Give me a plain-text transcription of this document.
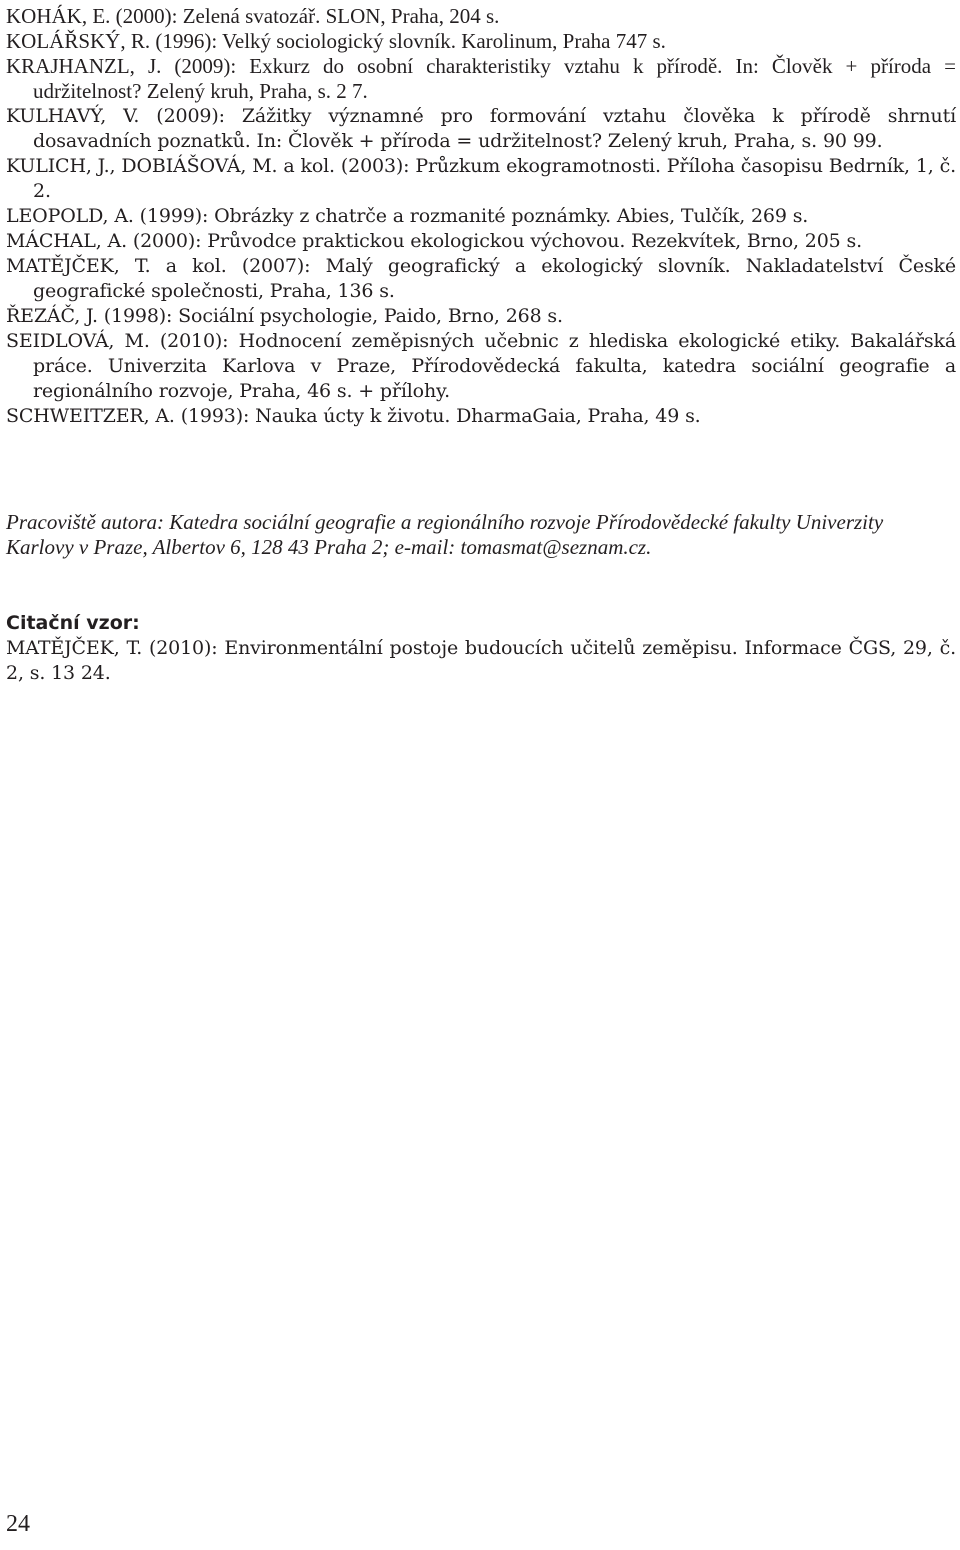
KOHÁK, E. (2000): Zelená svatozář. SLON, Praha, 204 s.
KOLÁŘSKÝ, R. (1996): Velký sociologický slovník. Karolinum, Praha 747 s.
KRAJHANZL, J. (2009): Exkurz do osobní charakteristiky vztahu k přírodě. In: Člověk + příroda = udržitelnost? Zelený kruh, Praha, s. 2 7.
KULHAVÝ, V. (2009): Zážitky významné pro formování vztahu člověka k přírodě shrnutí dosavadních poznatků. In: Člověk + příroda = udržitelnost? Zelený kruh, Praha, s. 90 99.
KULICH, J., DOBIÁŠOVÁ, M. a kol. (2003): Průzkum ekogramotnosti. Příloha časopisu Bedrník, 1, č. 2.
LEOPOLD, A. (1999): Obrázky z chatrče a rozmanité poznámky. Abies, Tulčík, 269 s.
MÁCHAL, A. (2000): Průvodce praktickou ekologickou výchovou. Rezekvítek, Brno, 205 s.
MATĚJČEK, T. a kol. (2007): Malý geografický a ekologický slovník. Nakladatelství České geografické společnosti, Praha, 136 s.
ŘEZÁČ, J. (1998): Sociální psychologie, Paido, Brno, 268 s.
SEIDLOVÁ, M. (2010): Hodnocení zeměpisných učebnic z hlediska ekologické etiky. Bakalářská práce. Univerzita Karlova v Praze, Přírodovědecká fakulta, katedra sociální geografie a regionálního rozvoje, Praha, 46 s. + přílohy.
SCHWEITZER, A. (1993): Nauka úcty k životu. DharmaGaia, Praha, 49 s.

Pracoviště autora: Katedra sociální geografie a regionálního rozvoje Přírodovědecké fakulty Univerzity Karlovy v Praze, Albertov 6, 128 43 Praha 2; e-mail: tomasmat@seznam.cz.

Citační vzor:

MATĚJČEK, T. (2010): Environmentální postoje budoucích učitelů zeměpisu. Informace ČGS, 29, č. 2, s. 13 24.

24
